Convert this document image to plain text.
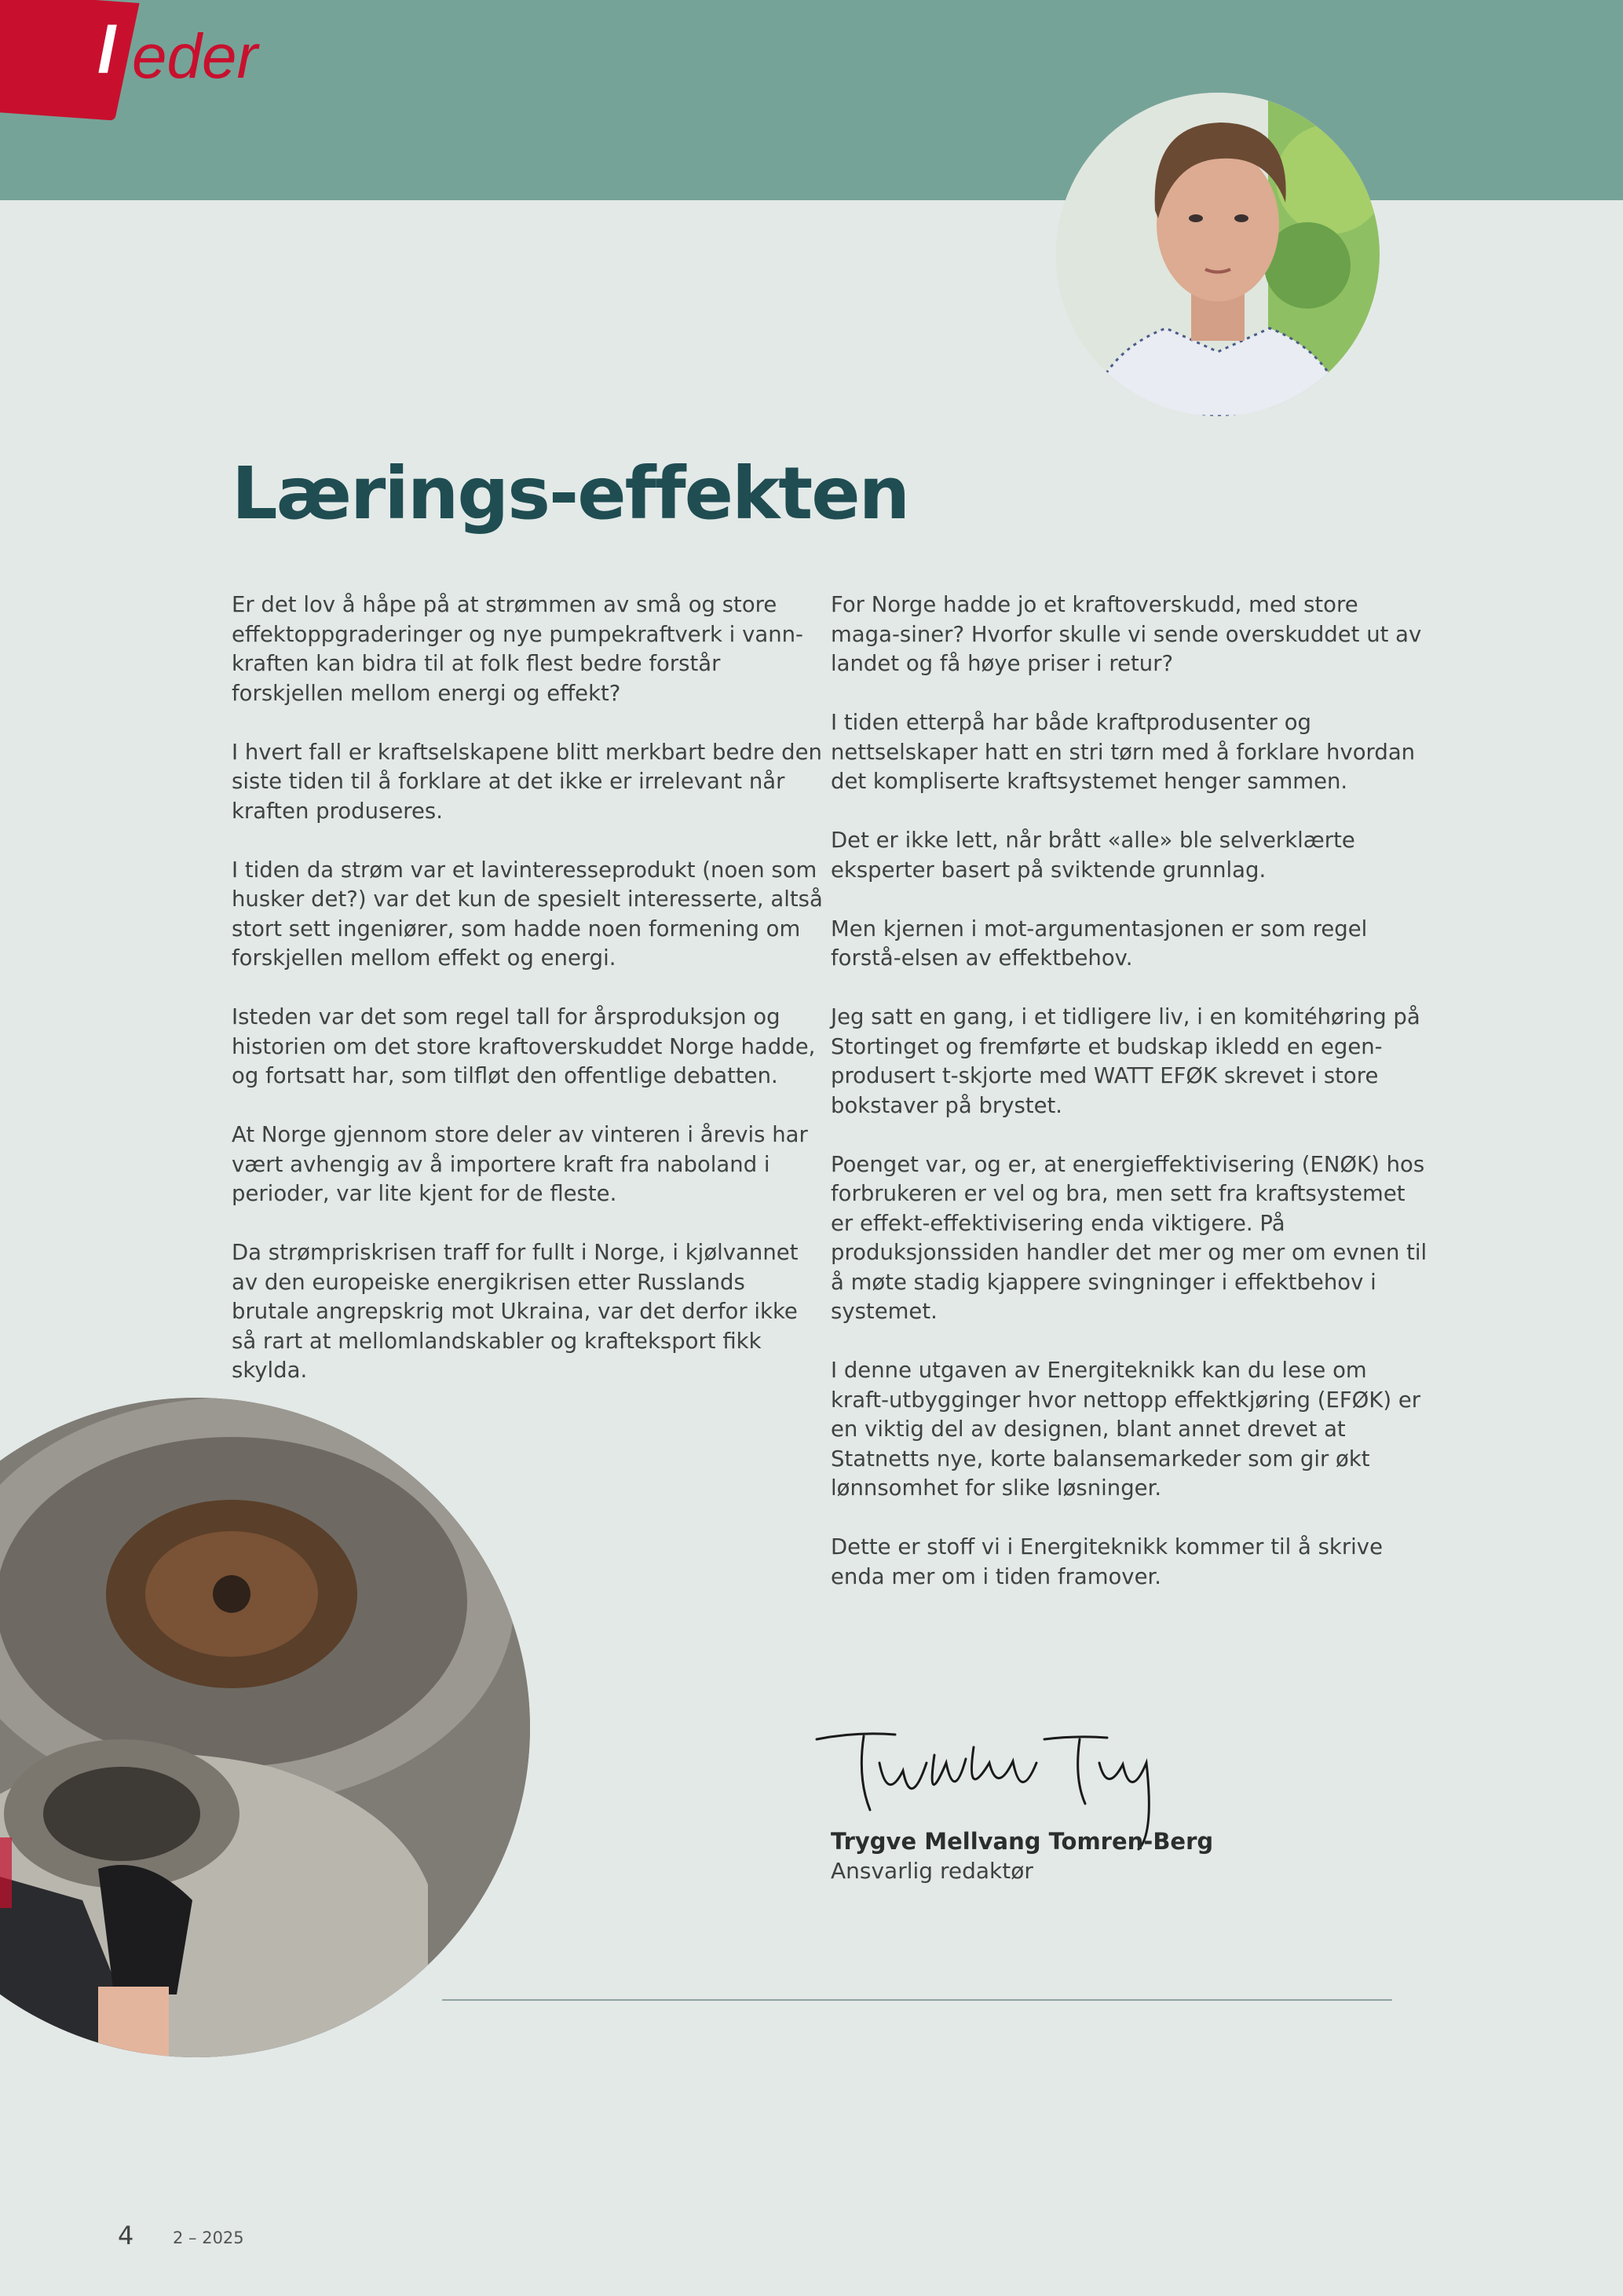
l eder
Lærings-effekten

Er det lov å håpe på at strømmen av små og store effektoppgraderinger og nye pumpekraftverk i vann-kraften kan bidra til at folk flest bedre forstår forskjellen mellom energi og effekt?

I hvert fall er kraftselskapene blitt merkbart bedre den siste tiden til å forklare at det ikke er irrelevant når kraften produseres.

I tiden da strøm var et lavinteresseprodukt (noen som husker det?) var det kun de spesielt interesserte, altså stort sett ingeniører, som hadde noen formening om forskjellen mellom effekt og energi.

Isteden var det som regel tall for årsproduksjon og historien om det store kraftoverskuddet Norge hadde, og fortsatt har, som tilfløt den offentlige debatten.

At Norge gjennom store deler av vinteren i årevis har vært avhengig av å importere kraft fra naboland i perioder, var lite kjent for de fleste.

Da strømpriskrisen traff for fullt i Norge, i kjølvannet av den europeiske energikrisen etter Russlands brutale angrepskrig mot Ukraina, var det derfor ikke så rart at mellomlandskabler og krafteksport fikk skylda.

For Norge hadde jo et kraftoverskudd, med store maga-siner? Hvorfor skulle vi sende overskuddet ut av landet og få høye priser i retur?

I tiden etterpå har både kraftprodusenter og nettselskaper hatt en stri tørn med å forklare hvordan det kompliserte kraftsystemet henger sammen.

Det er ikke lett, når brått «alle» ble selverklærte eksperter basert på sviktende grunnlag.

Men kjernen i mot-argumentasjonen er som regel forstå-elsen av effektbehov.

Jeg satt en gang, i et tidligere liv, i en komitéhøring på Stortinget og fremførte et budskap ikledd en egen-produsert t-skjorte med WATT EFØK skrevet i store bokstaver på brystet.

Poenget var, og er, at energieffektivisering (ENØK) hos forbrukeren er vel og bra, men sett fra kraftsystemet er effekt-effektivisering enda viktigere. På produksjonssiden handler det mer og mer om evnen til å møte stadig kjappere svingninger i effektbehov i systemet.

I denne utgaven av Energiteknikk kan du lese om kraft-utbygginger hvor nettopp effektkjøring (EFØK) er en viktig del av designen, blant annet drevet at Statnetts nye, korte balansemarkeder som gir økt lønnsomhet for slike løsninger.

Dette er stoff vi i Energiteknikk kommer til å skrive enda mer om i tiden framover.

Trygve Mellvang Tomren-Berg
Ansvarlig redaktør
4 2 – 2025
